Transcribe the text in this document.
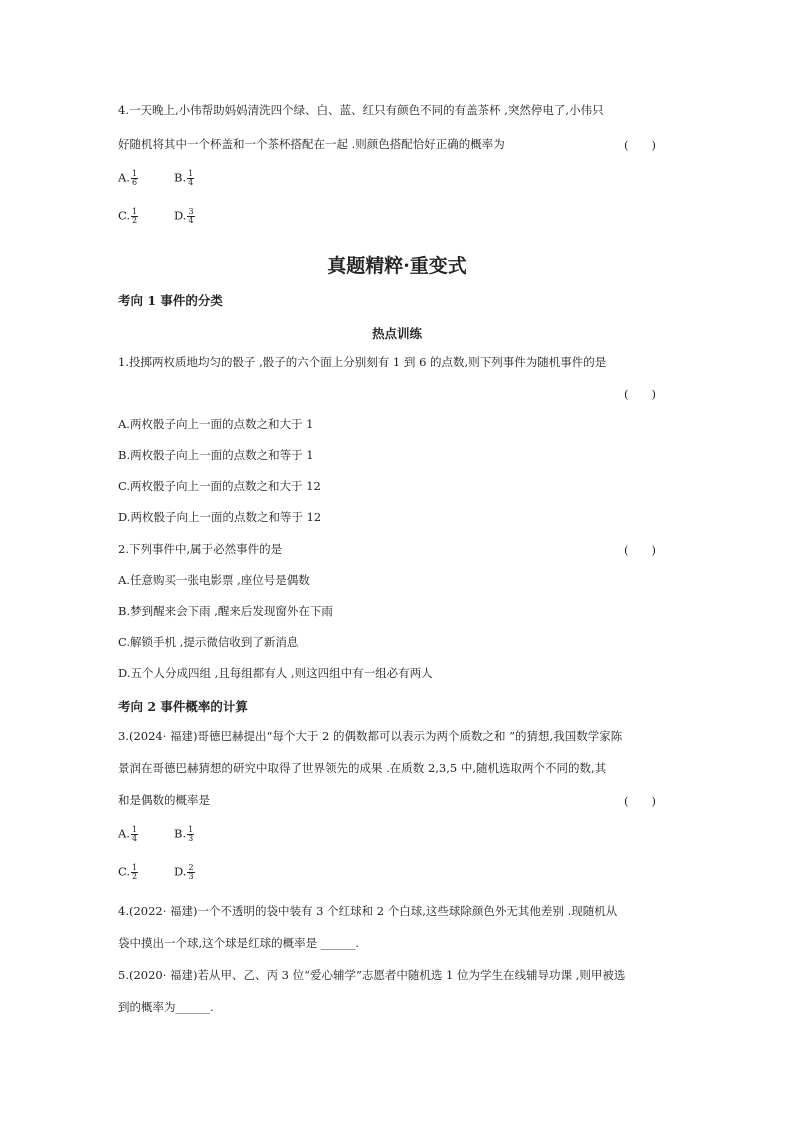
4.一天晚上,小伟帮助妈妈清洗四个绿、白、蓝、红只有颜色不同的有盖茶杯 ,突然停电了,小伟只
好随机将其中一个杯盖和一个茶杯搭配在一起 .则颜色搭配恰好正确的概率为	(　　)
A. $\frac{1}{6}$	B. $\frac{1}{4}$
C. $\frac{1}{2}$	D. $\frac{3}{4}$
真题精粹·重变式
考向 1 事件的分类
热点训练
1.投掷两枚质地均匀的骰子 ,骰子的六个面上分别刻有 1 到 6 的点数,则下列事件为随机事件的是
(　　)
A.两枚骰子向上一面的点数之和大于 1
B.两枚骰子向上一面的点数之和等于 1
C.两枚骰子向上一面的点数之和大于 12
D.两枚骰子向上一面的点数之和等于 12
2.下列事件中,属于必然事件的是	(　　)
A.任意购买一张电影票 ,座位号是偶数
B.梦到醒来会下雨 ,醒来后发现窗外在下雨
C.解锁手机 ,提示微信收到了新消息
D.五个人分成四组 ,且每组都有人 ,则这四组中有一组必有两人
考向 2 事件概率的计算
3.(2024· 福建)哥德巴赫提出“每个大于 2 的偶数都可以表示为两个质数之和 ”的猜想,我国数学家陈
景润在哥德巴赫猜想的研究中取得了世界领先的成果 .在质数 2,3,5 中,随机选取两个不同的数,其
和是偶数的概率是	(　　)
A. $\frac{1}{4}$	B. $\frac{1}{3}$
C. $\frac{1}{2}$	D. $\frac{2}{3}$
4.(2022· 福建)一个不透明的袋中装有 3 个红球和 2 个白球,这些球除颜色外无其他差别 .现随机从
袋中摸出一个球,这个球是红球的概率是 ______.
5.(2020· 福建)若从甲、乙、丙 3 位“爱心辅学”志愿者中随机选 1 位为学生在线辅导功课 ,则甲被选
到的概率为______.
